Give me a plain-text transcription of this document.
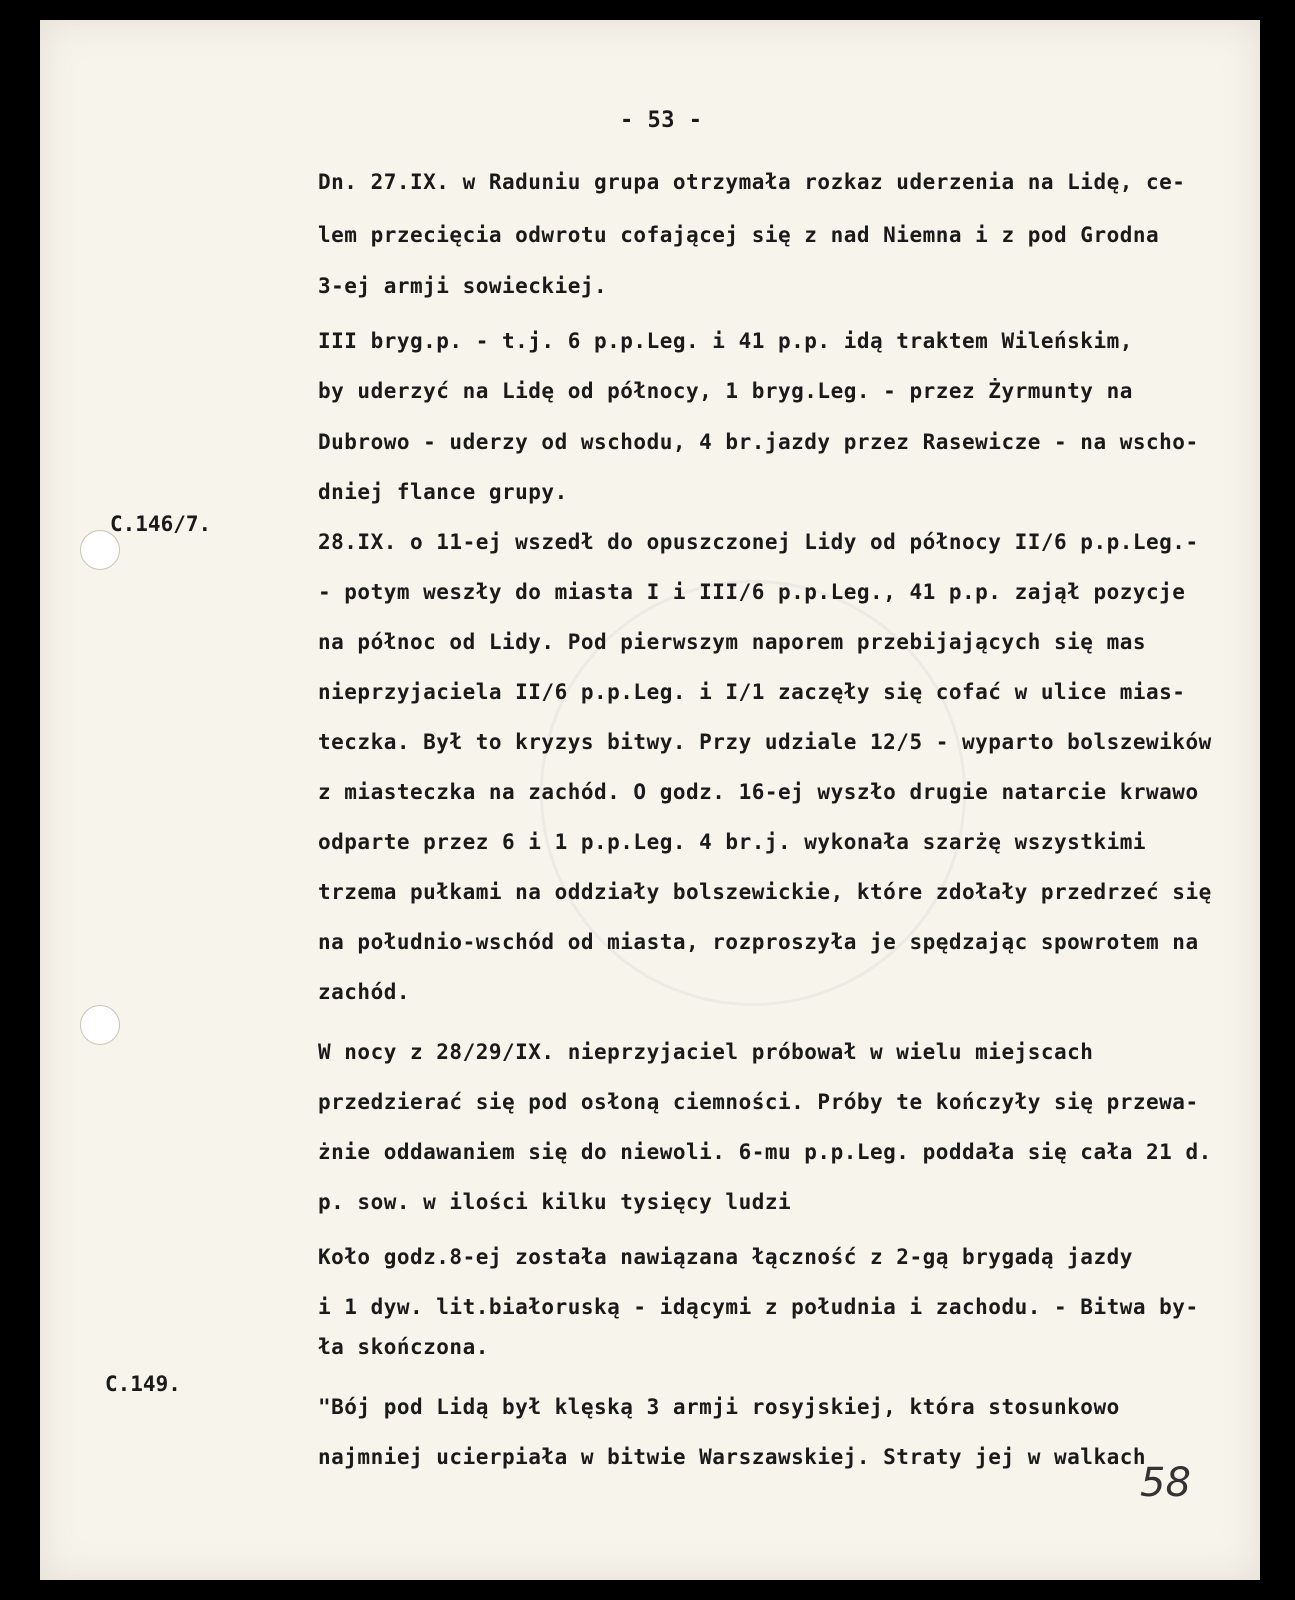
- 53 -
C.146/7.
C.149.
Dn. 27.IX. w Raduniu grupa otrzymała rozkaz uderzenia na Lidę, ce-
lem przecięcia odwrotu cofającej się z nad Niemna i z pod Grodna
3-ej armji sowieckiej.
III bryg.p. - t.j. 6 p.p.Leg. i 41 p.p. idą traktem Wileńskim,
by uderzyć na Lidę od północy, 1 bryg.Leg. - przez Żyrmunty na
Dubrowo - uderzy od wschodu, 4 br.jazdy przez Rasewicze - na wscho-
dniej flance grupy.
28.IX. o 11-ej wszedł do opuszczonej Lidy od północy II/6 p.p.Leg.-
- potym weszły do miasta I i III/6 p.p.Leg., 41 p.p. zajął pozycje
na północ od Lidy. Pod pierwszym naporem przebijających się mas
nieprzyjaciela II/6 p.p.Leg. i I/1 zaczęły się cofać w ulice mias-
teczka. Był to kryzys bitwy. Przy udziale 12/5 - wyparto bolszewików
z miasteczka na zachód. O godz. 16-ej wyszło drugie natarcie krwawo
odparte przez 6 i 1 p.p.Leg. 4 br.j. wykonała szarżę wszystkimi
trzema pułkami na oddziały bolszewickie, które zdołały przedrzeć się
na południo-wschód od miasta, rozproszyła je spędzając spowrotem na
zachód.
W nocy z 28/29/IX. nieprzyjaciel próbował w wielu miejscach
przedzierać się pod osłoną ciemności. Próby te kończyły się przewa-
żnie oddawaniem się do niewoli. 6-mu p.p.Leg. poddała się cała 21 d.
p. sow. w ilości kilku tysięcy ludzi
Koło godz.8-ej została nawiązana łączność z 2-gą brygadą jazdy
i 1 dyw. lit.białoruską - idącymi z południa i zachodu. - Bitwa by-
ła skończona.
"Bój pod Lidą był klęską 3 armji rosyjskiej, która stosunkowo
najmniej ucierpiała w bitwie Warszawskiej. Straty jej w walkach
58
